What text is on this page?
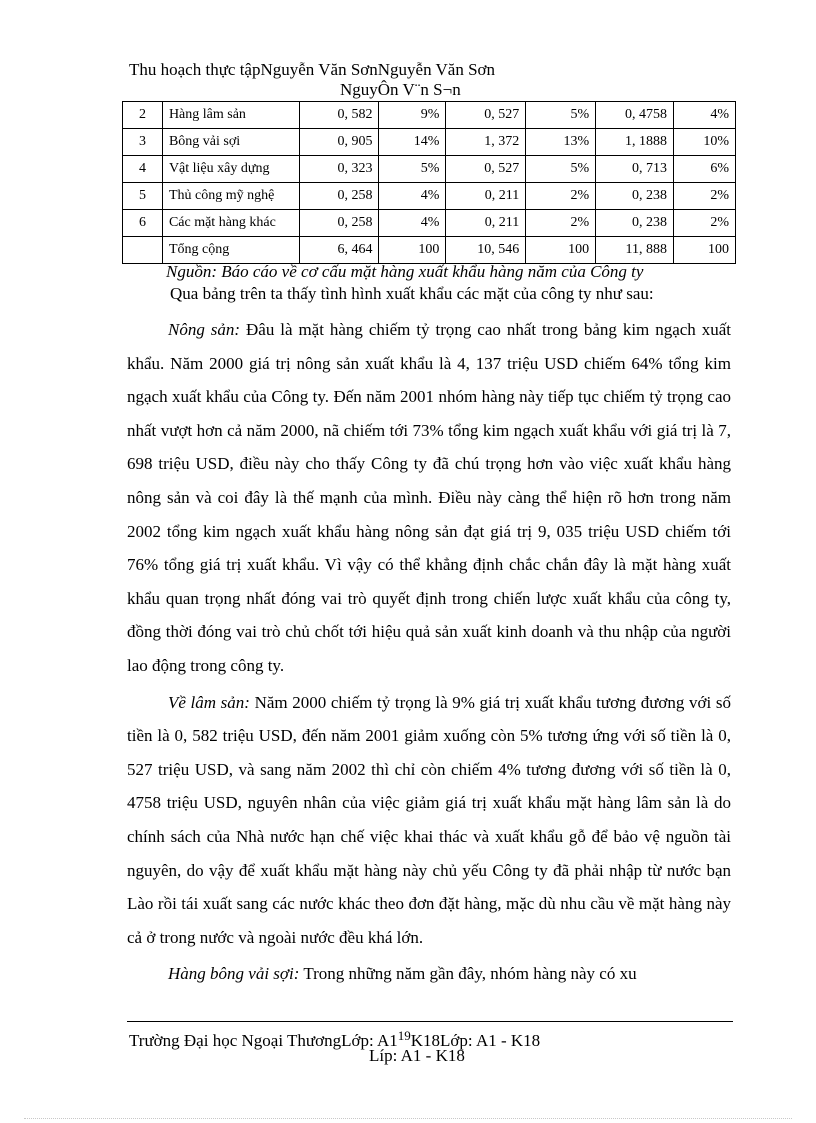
Thu hoạch thực tậpNguyễn Văn SơnNguyễn Văn Sơn
NguyÔn V¨n S¬n
2	Hàng lâm sản	0, 582	9%	0, 527	5%	0, 4758	4%
3	Bông vải sợi	0, 905	14%	1, 372	13%	1, 1888	10%
4	Vật liệu xây dựng	0, 323	5%	0, 527	5%	0, 713	6%
5	Thủ công mỹ nghệ	0, 258	4%	0, 211	2%	0, 238	2%
6	Các mặt hàng khác	0, 258	4%	0, 211	2%	0, 238	2%
	Tổng cộng	6, 464	100	10, 546	100	11, 888	100
Nguồn: Báo cáo về cơ cấu mặt hàng xuất khẩu hàng năm của Công ty
Qua bảng trên ta thấy tình hình xuất khẩu các mặt của công ty như sau:

Nông sản: Đâu là mặt hàng chiếm tỷ trọng cao nhất trong bảng kim ngạch xuất khẩu. Năm 2000 giá trị nông sản xuất khẩu là 4, 137 triệu USD chiếm 64% tổng kim ngạch xuất khẩu của Công ty. Đến năm 2001 nhóm hàng này tiếp tục chiếm tỷ trọng cao nhất vượt hơn cả năm 2000, nã chiếm tới 73% tổng kim ngạch xuất khẩu với giá trị là 7, 698 triệu USD, điều này cho thấy Công ty đã chú trọng hơn vào việc xuất khẩu hàng nông sản và coi đây là thế mạnh của mình. Điều này càng thể hiện rõ hơn trong năm 2002 tổng kim ngạch xuất khẩu hàng nông sản đạt giá trị 9, 035 triệu USD chiếm tới 76% tổng giá trị xuất khẩu. Vì vậy có thể khẳng định chắc chắn đây là mặt hàng xuất khẩu quan trọng nhất đóng vai trò quyết định trong chiến lược xuất khẩu của công ty, đồng thời đóng vai trò chủ chốt tới hiệu quả sản xuất kinh doanh và thu nhập của người lao động trong công ty.

Về lâm sản: Năm 2000 chiếm tỷ trọng là 9% giá trị xuất khẩu tương đương với số tiền là 0, 582 triệu USD, đến năm 2001 giảm xuống còn 5% tương ứng với số tiền là 0, 527 triệu USD, và sang năm 2002 thì chỉ còn chiếm 4% tương đương với số tiền là 0, 4758 triệu USD, nguyên nhân của việc giảm giá trị xuất khẩu mặt hàng lâm sản là do chính sách của Nhà nước hạn chế việc khai thác và xuất khẩu gỗ để bảo vệ nguồn tài nguyên, do vậy để xuất khẩu mặt hàng này chủ yếu Công ty đã phải nhập từ nước bạn Lào rồi tái xuất sang các nước khác theo đơn đặt hàng, mặc dù nhu cầu về mặt hàng này cả ở trong nước và ngoài nước đều khá lớn.

Hàng bông vải sợi: Trong những năm gần đây, nhóm hàng này có xu

Trường Đại học Ngoại ThươngLớp: $A1^{19}K18Lớp$: A1 - K18
Líp: A1 - K18
